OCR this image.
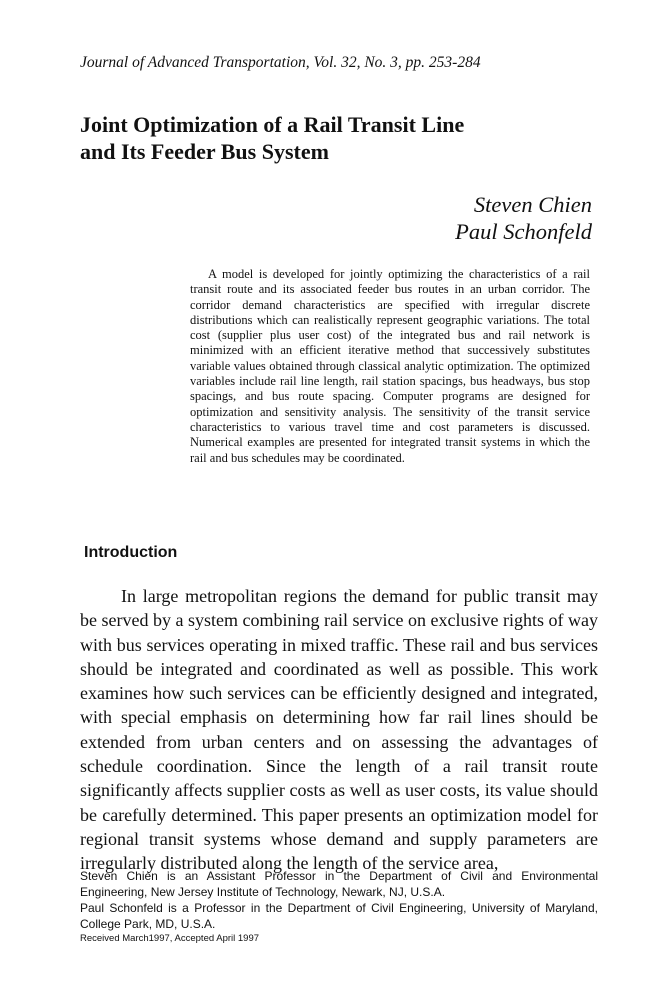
Journal of Advanced Transportation, Vol. 32, No. 3, pp. 253-284
Joint Optimization of a Rail Transit Line
and Its Feeder Bus System
Steven Chien
Paul Schonfeld

A model is developed for jointly optimizing the characteristics of a rail transit route and its associated feeder bus routes in an urban corridor. The corridor demand characteristics are specified with irregular discrete distributions which can realistically represent geographic variations. The total cost (supplier plus user cost) of the integrated bus and rail network is minimized with an efficient iterative method that successively substitutes variable values obtained through classical analytic optimization. The optimized variables include rail line length, rail station spacings, bus headways, bus stop spacings, and bus route spacing. Computer programs are designed for optimization and sensitivity analysis. The sensitivity of the transit service characteristics to various travel time and cost parameters is discussed. Numerical examples are presented for integrated transit systems in which the rail and bus schedules may be coordinated.

Introduction

In large metropolitan regions the demand for public transit may be served by a system combining rail service on exclusive rights of way with bus services operating in mixed traffic. These rail and bus services should be integrated and coordinated as well as possible. This work examines how such services can be efficiently designed and integrated, with special emphasis on determining how far rail lines should be extended from urban centers and on assessing the advantages of schedule coordination. Since the length of a rail transit route significantly affects supplier costs as well as user costs, its value should be carefully determined. This paper presents an optimization model for regional transit systems whose demand and supply parameters are irregularly distributed along the length of the service area,

Steven Chien is an Assistant Professor in the Department of Civil and Environmental Engineering, New Jersey Institute of Technology, Newark, NJ, U.S.A.

Paul Schonfeld is a Professor in the Department of Civil Engineering, University of Maryland, College Park, MD, U.S.A.

Received March1997, Accepted April 1997
